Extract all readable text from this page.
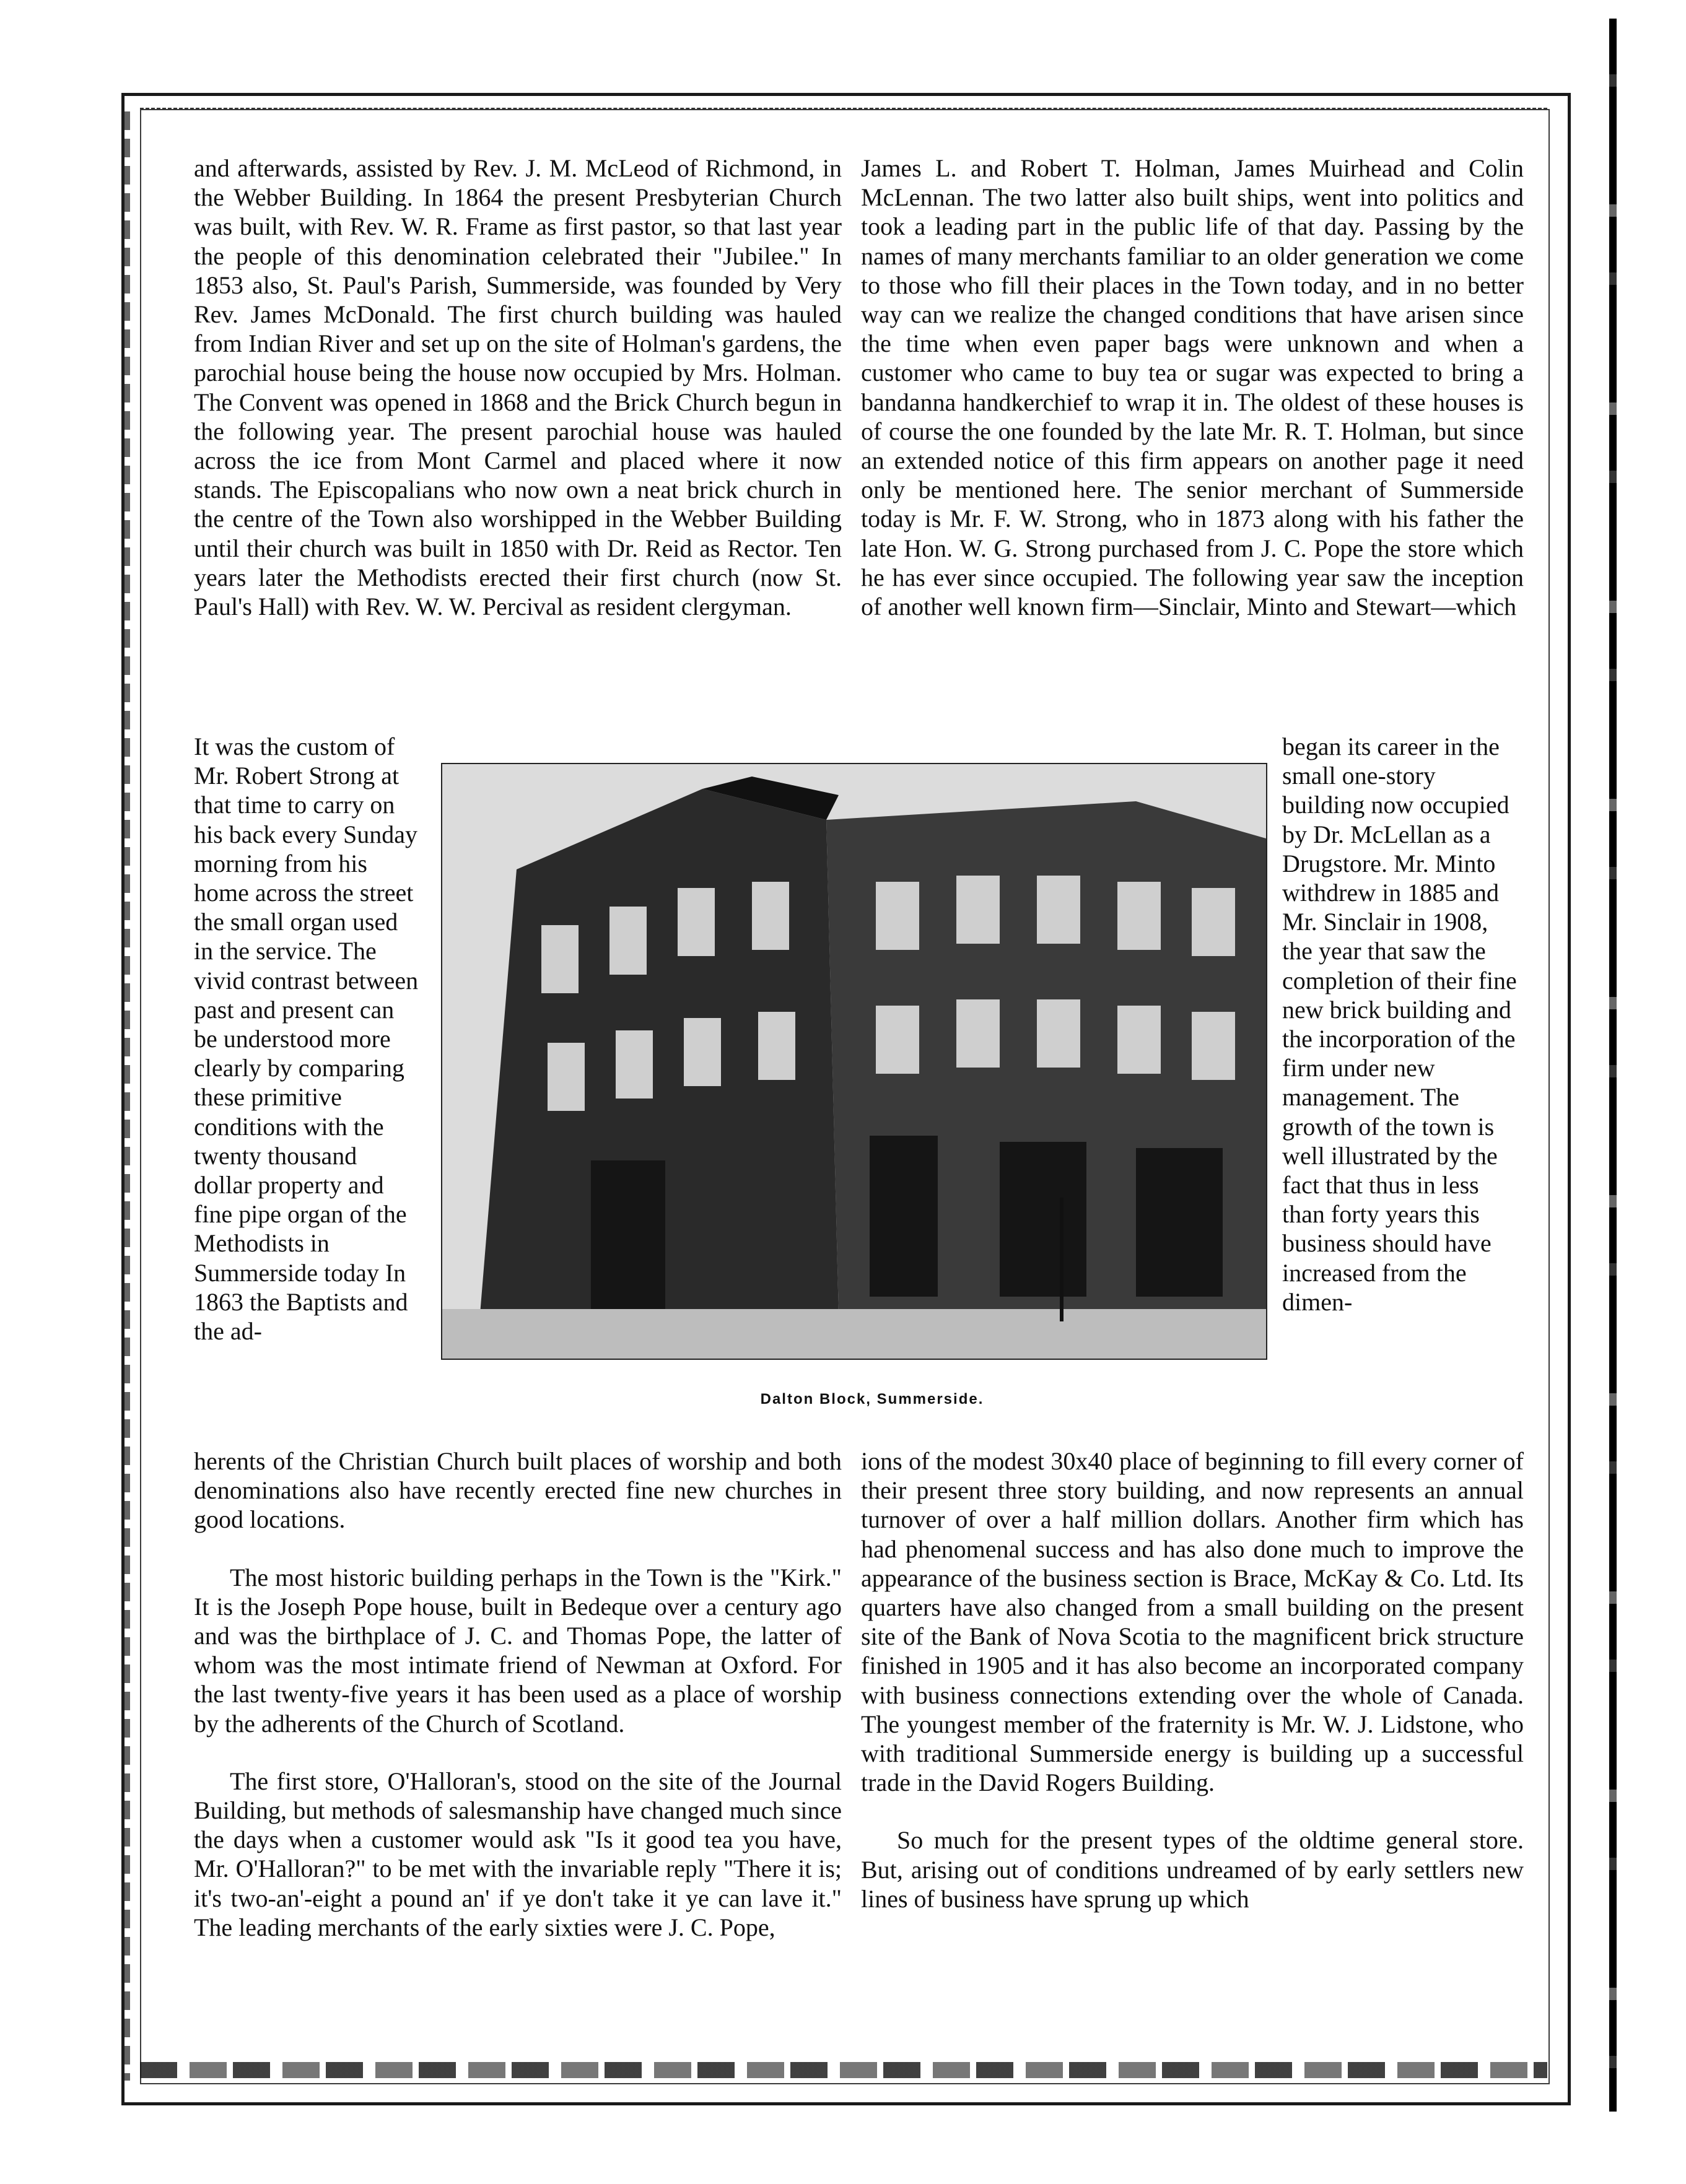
and afterwards, assisted by Rev. J. M. McLeod of Richmond, in the Webber Building. In 1864 the present Presbyterian Church was built, with Rev. W. R. Frame as first pastor, so that last year the people of this denomination celebrated their "Jubilee." In 1853 also, St. Paul's Parish, Summerside, was founded by Very Rev. James McDonald. The first church building was hauled from Indian River and set up on the site of Holman's gardens, the parochial house being the house now occupied by Mrs. Holman. The Convent was opened in 1868 and the Brick Church begun in the following year. The present parochial house was hauled across the ice from Mont Carmel and placed where it now stands. The Episcopalians who now own a neat brick church in the centre of the Town also worshipped in the Webber Building until their church was built in 1850 with Dr. Reid as Rector. Ten years later the Methodists erected their first church (now St. Paul's Hall) with Rev. W. W. Percival as resident clergyman.

James L. and Robert T. Holman, James Muirhead and Colin McLennan. The two latter also built ships, went into politics and took a leading part in the public life of that day. Passing by the names of many merchants familiar to an older generation we come to those who fill their places in the Town today, and in no better way can we realize the changed conditions that have arisen since the time when even paper bags were unknown and when a customer who came to buy tea or sugar was expected to bring a bandanna handkerchief to wrap it in. The oldest of these houses is of course the one founded by the late Mr. R. T. Holman, but since an extended notice of this firm appears on another page it need only be mentioned here. The senior merchant of Summerside today is Mr. F. W. Strong, who in 1873 along with his father the late Hon. W. G. Strong purchased from J. C. Pope the store which he has ever since occupied. The following year saw the inception of another well known firm—Sinclair, Minto and Stewart—which

It was the custom of Mr. Robert Strong at that time to carry on his back every Sunday morning from his home across the street the small organ used in the service. The vivid contrast between past and present can be understood more clearly by comparing these primitive conditions with the twenty thousand dollar property and fine pipe organ of the Methodists in Summerside today In 1863 the Baptists and the ad-

began its career in the small one-story building now occupied by Dr. McLellan as a Drugstore. Mr. Minto withdrew in 1885 and Mr. Sinclair in 1908, the year that saw the completion of their fine new brick building and the incorporation of the firm under new management. The growth of the town is well illustrated by the fact that thus in less than forty years this business should have increased from the dimen-

Dalton Block, Summerside.

herents of the Christian Church built places of worship and both denominations also have recently erected fine new churches in good locations.

The most historic building perhaps in the Town is the "Kirk." It is the Joseph Pope house, built in Bedeque over a century ago and was the birthplace of J. C. and Thomas Pope, the latter of whom was the most intimate friend of Newman at Oxford. For the last twenty-five years it has been used as a place of worship by the adherents of the Church of Scotland.

The first store, O'Halloran's, stood on the site of the Journal Building, but methods of salesmanship have changed much since the days when a customer would ask "Is it good tea you have, Mr. O'Halloran?" to be met with the invariable reply "There it is; it's two-an'-eight a pound an' if ye don't take it ye can lave it." The leading merchants of the early sixties were J. C. Pope,

ions of the modest 30x40 place of beginning to fill every corner of their present three story building, and now represents an annual turnover of over a half million dollars. Another firm which has had phenomenal success and has also done much to improve the appearance of the business section is Brace, McKay & Co. Ltd. Its quarters have also changed from a small building on the present site of the Bank of Nova Scotia to the magnificent brick structure finished in 1905 and it has also become an incorporated company with business connections extending over the whole of Canada. The youngest member of the fraternity is Mr. W. J. Lidstone, who with traditional Summerside energy is building up a successful trade in the David Rogers Building.

So much for the present types of the oldtime general store. But, arising out of conditions undreamed of by early settlers new lines of business have sprung up which
